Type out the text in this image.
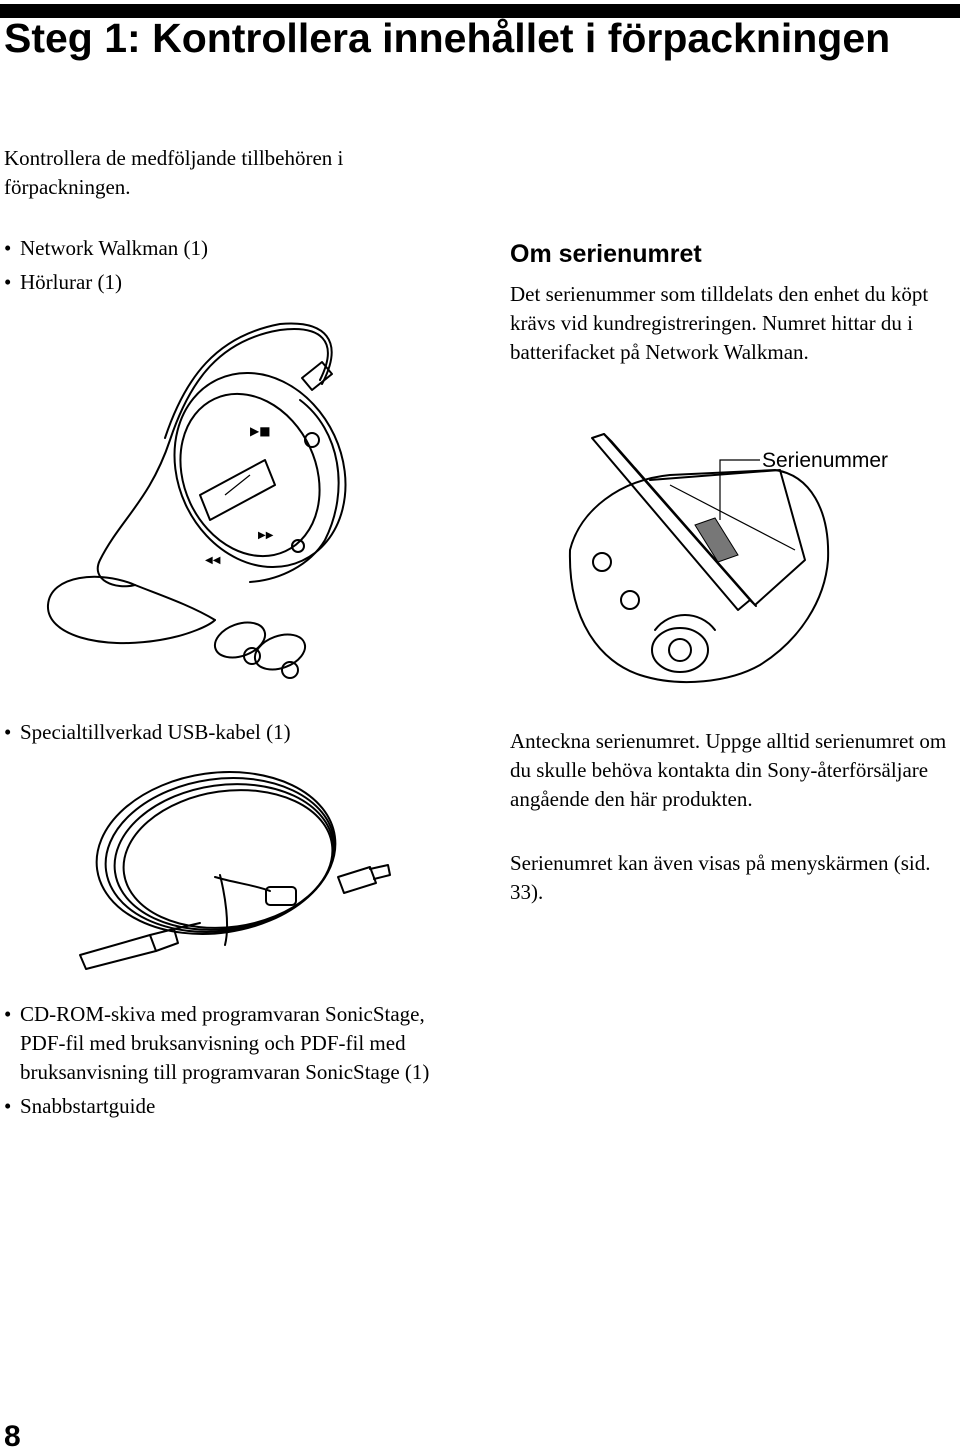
Steg 1: Kontrollera innehållet i förpackningen

Kontrollera de medföljande tillbehören i förpackningen.

• Network Walkman (1)
• Hörlurar (1)
▶■
▶▶
◀◀
Om serienumret

Det serienummer som tilldelats den enhet du köpt krävs vid kundregistreringen. Numret hittar du i batterifacket på Network Walkman.

Serienummer
• Specialtillverkad USB-kabel (1)	Anteckna serienumret. Uppge alltid serienumret om du skulle behöva kontakta din Sony-återförsäljare angående den här produkten.

Serienumret kan även visas på menyskärmen (sid. 33).

• CD-ROM-skiva med programvaran SonicStage, PDF-fil med bruksanvisning och PDF-fil med bruksanvisning till programvaran SonicStage (1)
• Snabbstartguide
8
